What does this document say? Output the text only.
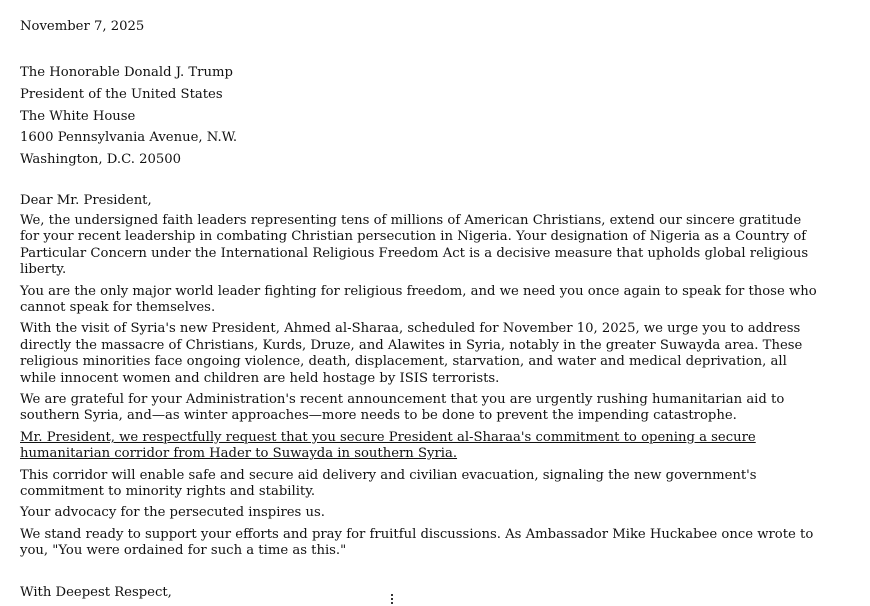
November 7, 2025
The Honorable Donald J. Trump
President of the United States
The White House
1600 Pennsylvania Avenue, N.W.
Washington, D.C. 20500
Dear Mr. President,

We, the undersigned faith leaders representing tens of millions of American Christians, extend our sincere gratitude for your recent leadership in combating Christian persecution in Nigeria. Your designation of Nigeria as a Country of Particular Concern under the International Religious Freedom Act is a decisive measure that upholds global religious liberty.

You are the only major world leader fighting for religious freedom, and we need you once again to speak for those who cannot speak for themselves.

With the visit of Syria's new President, Ahmed al-Sharaa, scheduled for November 10, 2025, we urge you to address directly the massacre of Christians, Kurds, Druze, and Alawites in Syria, notably in the greater Suwayda area. These religious minorities face ongoing violence, death, displacement, starvation, and water and medical deprivation, all while innocent women and children are held hostage by ISIS terrorists.

We are grateful for your Administration's recent announcement that you are urgently rushing humanitarian aid to southern Syria, and—as winter approaches—more needs to be done to prevent the impending catastrophe.

Mr. President, we respectfully request that you secure President al-Sharaa's commitment to opening a secure humanitarian corridor from Hader to Suwayda in southern Syria.

This corridor will enable safe and secure aid delivery and civilian evacuation, signaling the new government's commitment to minority rights and stability.

Your advocacy for the persecuted inspires us.

We stand ready to support your efforts and pray for fruitful discussions. As Ambassador Mike Huckabee once wrote to you, "You were ordained for such a time as this."

With Deepest Respect,
